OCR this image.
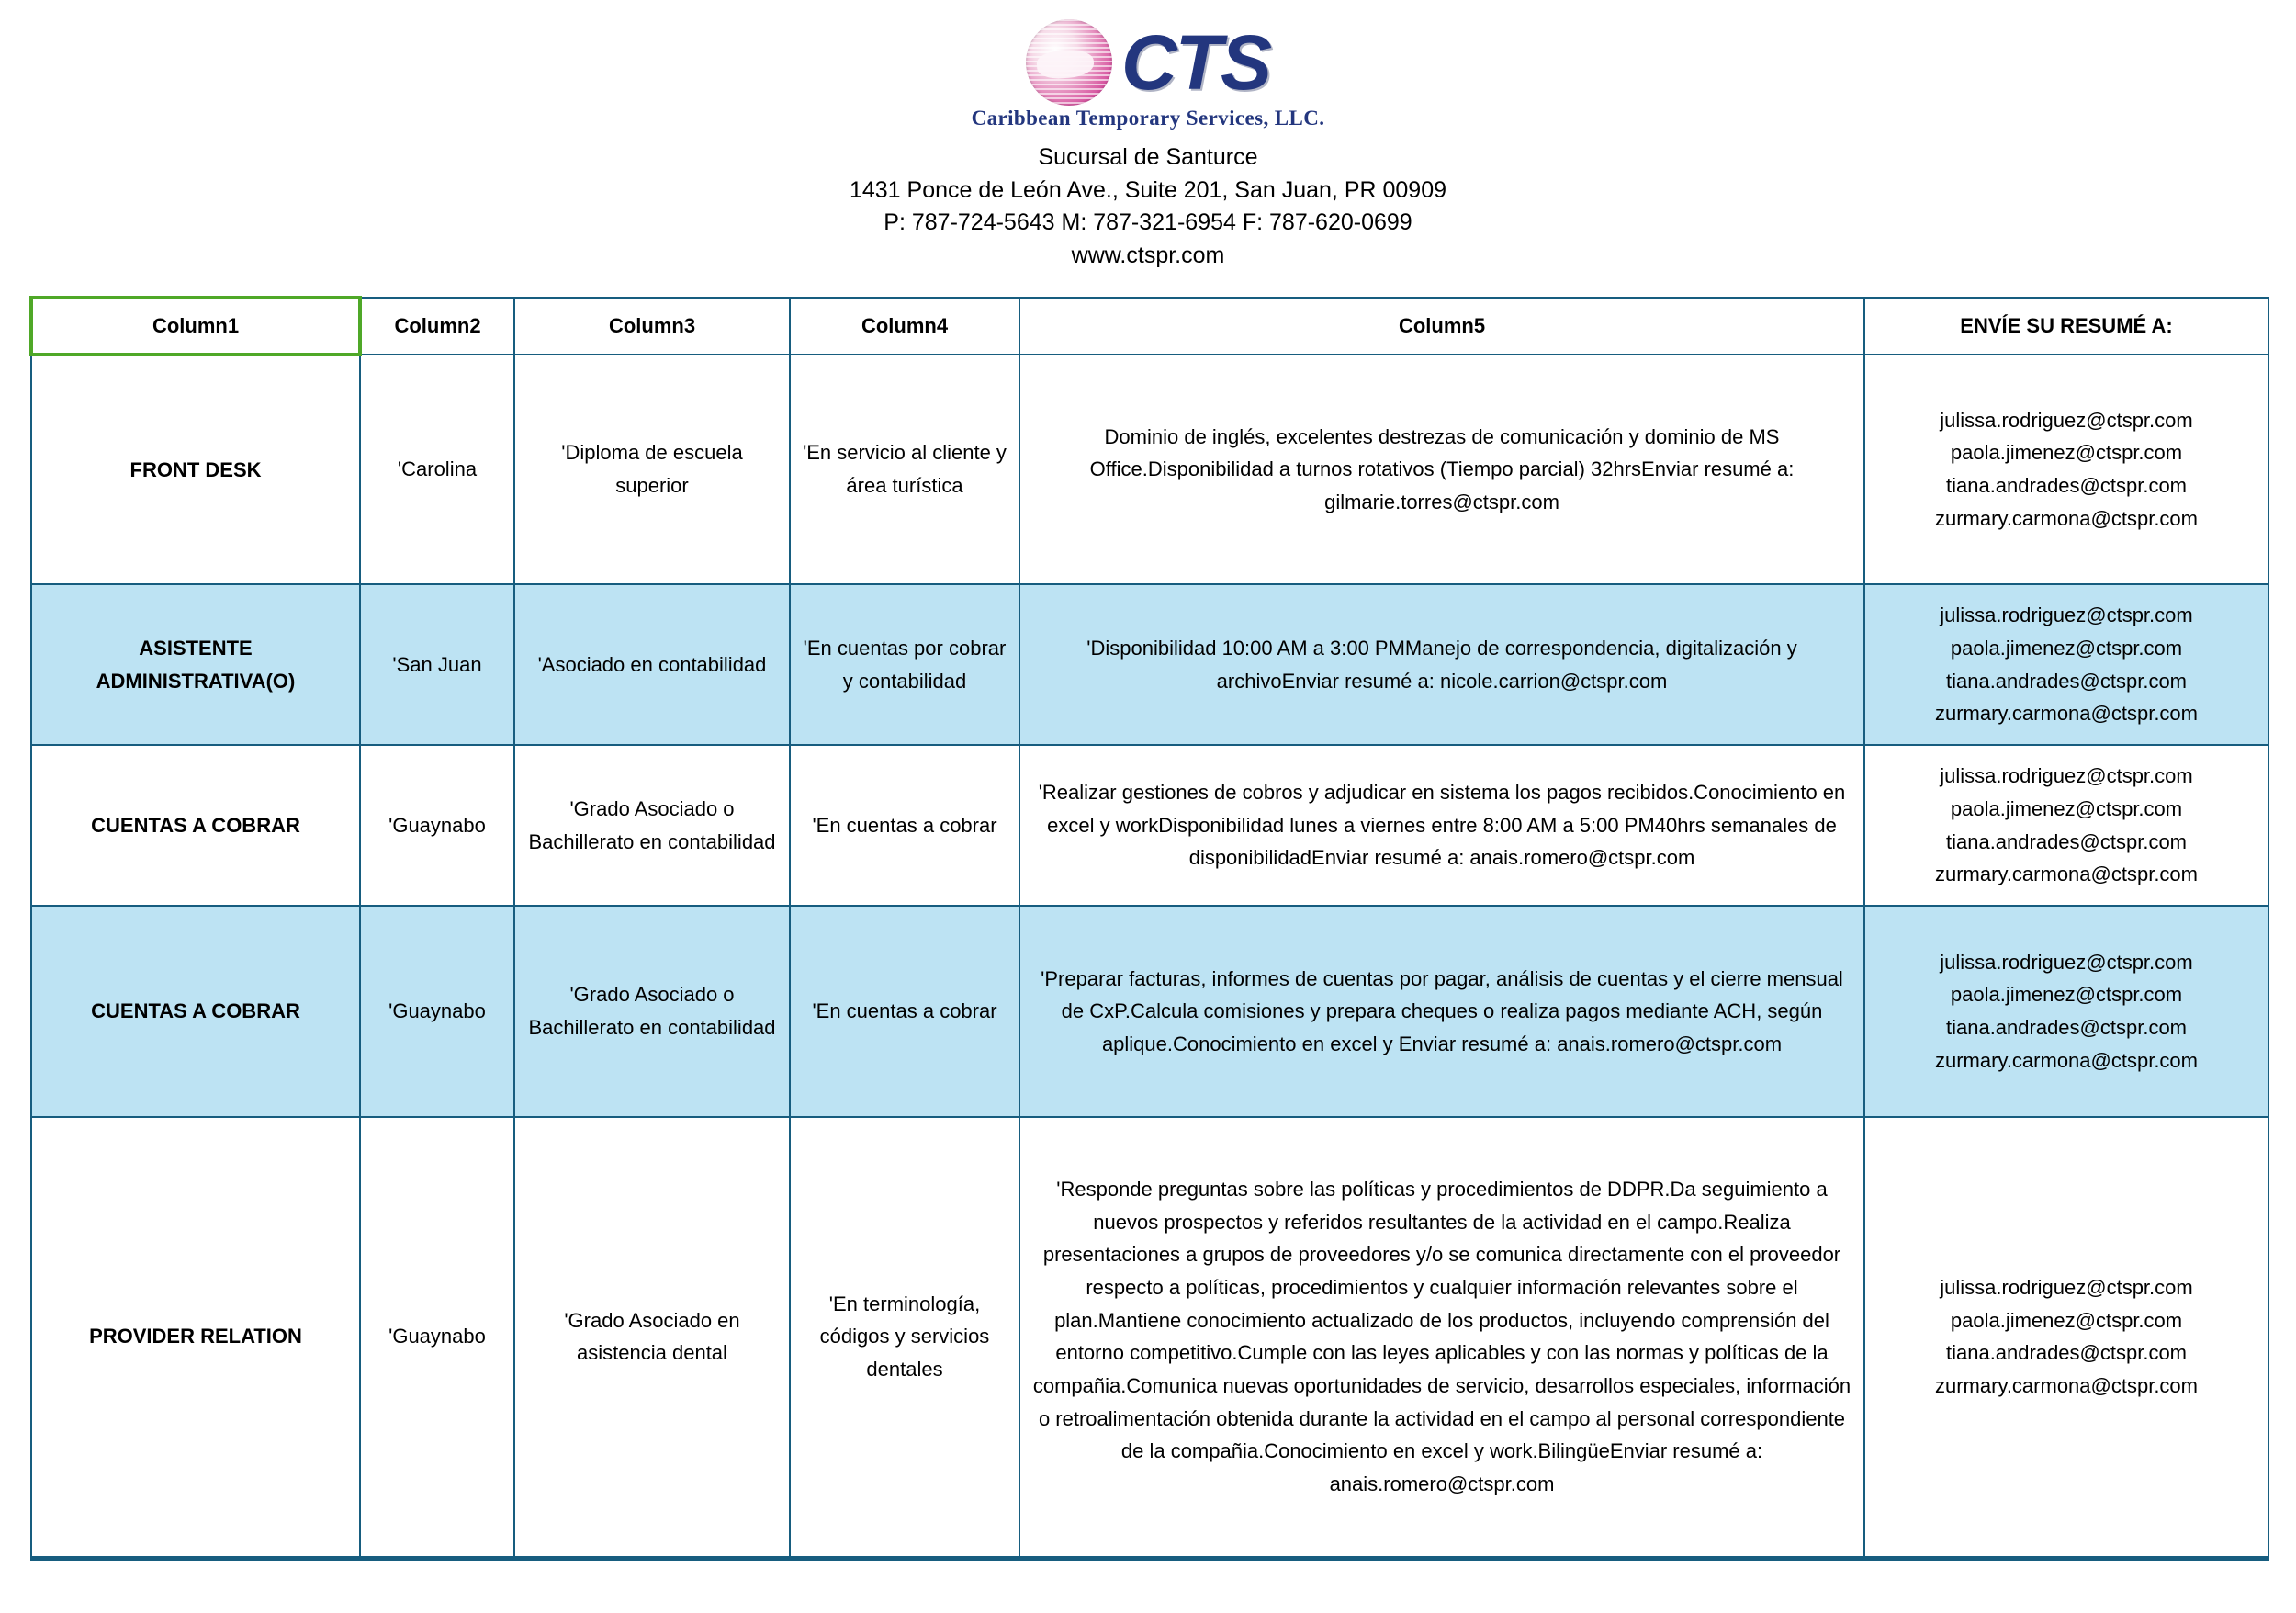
CTS
Caribbean Temporary Services, LLC.
Sucursal de Santurce
1431 Ponce de León Ave., Suite 201, San Juan, PR 00909
P: 787-724-5643 M: 787-321-6954 F: 787-620-0699
www.ctspr.com
Column1	Column2	Column3	Column4	Column5	ENVÍE SU RESUMÉ A:
FRONT DESK	'Carolina	'Diploma de escuela superior	'En servicio al cliente y área turística	Dominio de inglés, excelentes destrezas de comunicación y dominio de MS Office.Disponibilidad a turnos rotativos (Tiempo parcial) 32hrsEnviar resumé a: gilmarie.torres@ctspr.com	julissa.rodriguez@ctspr.com
paola.jimenez@ctspr.com
tiana.andrades@ctspr.com
zurmary.carmona@ctspr.com

ASISTENTE ADMINISTRATIVA(O)	'San Juan	'Asociado en contabilidad	'En cuentas por cobrar y contabilidad	'Disponibilidad 10:00 AM a 3:00 PMManejo de correspondencia, digitalización y archivoEnviar resumé a: nicole.carrion@ctspr.com	julissa.rodriguez@ctspr.com
paola.jimenez@ctspr.com
tiana.andrades@ctspr.com
zurmary.carmona@ctspr.com

CUENTAS A COBRAR	'Guaynabo	'Grado Asociado o Bachillerato en contabilidad	'En cuentas a cobrar	'Realizar gestiones de cobros y adjudicar en sistema los pagos recibidos.Conocimiento en excel y workDisponibilidad lunes a viernes entre 8:00 AM a 5:00 PM40hrs semanales de disponibilidadEnviar resumé a: anais.romero@ctspr.com	
julissa.rodriguez@ctspr.com
paola.jimenez@ctspr.com
tiana.andrades@ctspr.com
zurmary.carmona@ctspr.com

CUENTAS A COBRAR	'Guaynabo	'Grado Asociado o Bachillerato en contabilidad	'En cuentas a cobrar	'Preparar facturas, informes de cuentas por pagar, análisis de cuentas y el cierre mensual de CxP.Calcula comisiones y prepara cheques o realiza pagos mediante ACH, según aplique.Conocimiento en excel y Enviar resumé a: anais.romero@ctspr.com	
julissa.rodriguez@ctspr.com
paola.jimenez@ctspr.com
tiana.andrades@ctspr.com
zurmary.carmona@ctspr.com

PROVIDER RELATION	'Guaynabo	'Grado Asociado en asistencia dental	'En terminología, códigos y servicios dentales	'Responde preguntas sobre las políticas y procedimientos de DDPR.Da seguimiento a nuevos prospectos y referidos resultantes de la actividad en el campo.Realiza presentaciones a grupos de proveedores y/o se comunica directamente con el proveedor respecto a políticas, procedimientos y cualquier información relevantes sobre el plan.Mantiene conocimiento actualizado de los productos, incluyendo comprensión del entorno competitivo.Cumple con las leyes aplicables y con las normas y políticas de la compañia.Comunica nuevas oportunidades de servicio, desarrollos especiales, información o retroalimentación obtenida durante la actividad en el campo al personal correspondiente de la compañia.Conocimiento en excel y work.BilingüeEnviar resumé a: anais.romero@ctspr.com	
julissa.rodriguez@ctspr.com
paola.jimenez@ctspr.com
tiana.andrades@ctspr.com
zurmary.carmona@ctspr.com
